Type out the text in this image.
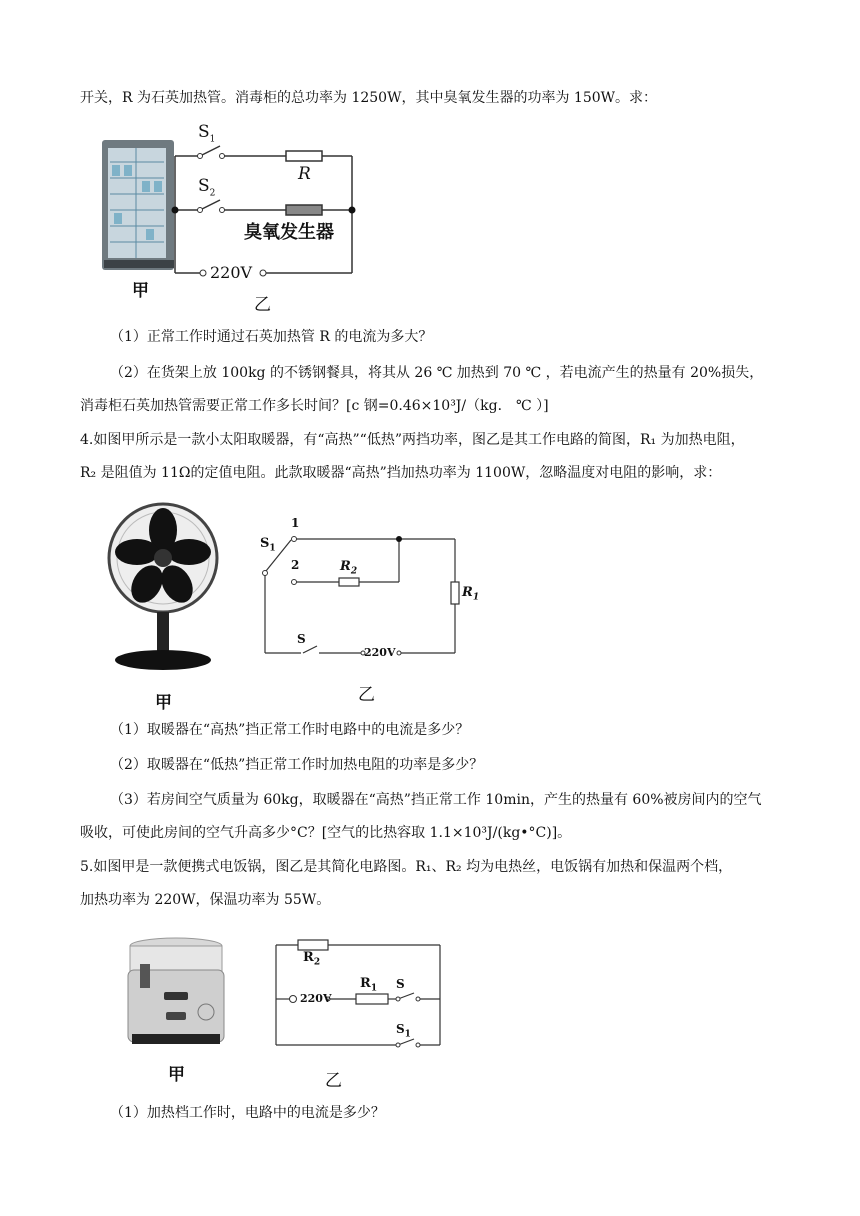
开关，R 为石英加热管。消毒柜的总功率为 1250W，其中臭氧发生器的功率为 150W。求：
甲
$S_1$
$S_2$
R
臭氧发生器
220V
乙
（1）正常工作时通过石英加热管 R 的电流为多大？
（2）在货架上放 100kg 的不锈钢餐具，将其从 26 ℃ 加热到 70 ℃ ，若电流产生的热量有 20%损失，
消毒柜石英加热管需要正常工作多长时间？[c 钢=0.46×10³J/（kg． ℃ ）]
4.如图甲所示是一款小太阳取暖器，有“高热”“低热”两挡功率，图乙是其工作电路的简图，R₁ 为加热电阻，
R₂ 是阻值为 11Ω的定值电阻。此款取暖器“高热”挡加热功率为 1100W，忽略温度对电阻的影响，求：
甲
$S_1$
1
2	$R_2$
$R_1$
S
220V
乙
（1）取暖器在“高热”挡正常工作时电路中的电流是多少？
（2）取暖器在“低热”挡正常工作时加热电阻的功率是多少？
（3）若房间空气质量为 60kg，取暖器在“高热”挡正常工作 10min，产生的热量有 60%被房间内的空气
吸收，可使此房间的空气升高多少°C？[空气的比热容取 1.1×10³J/(kg•°C)]。
5.如图甲是一款便携式电饭锅，图乙是其简化电路图。R₁、R₂ 均为电热丝，电饭锅有加热和保温两个档，
加热功率为 220W，保温功率为 55W。
甲
$R_2$
$R_1$ S
$S_1$
220V
乙
（1）加热档工作时，电路中的电流是多少？
